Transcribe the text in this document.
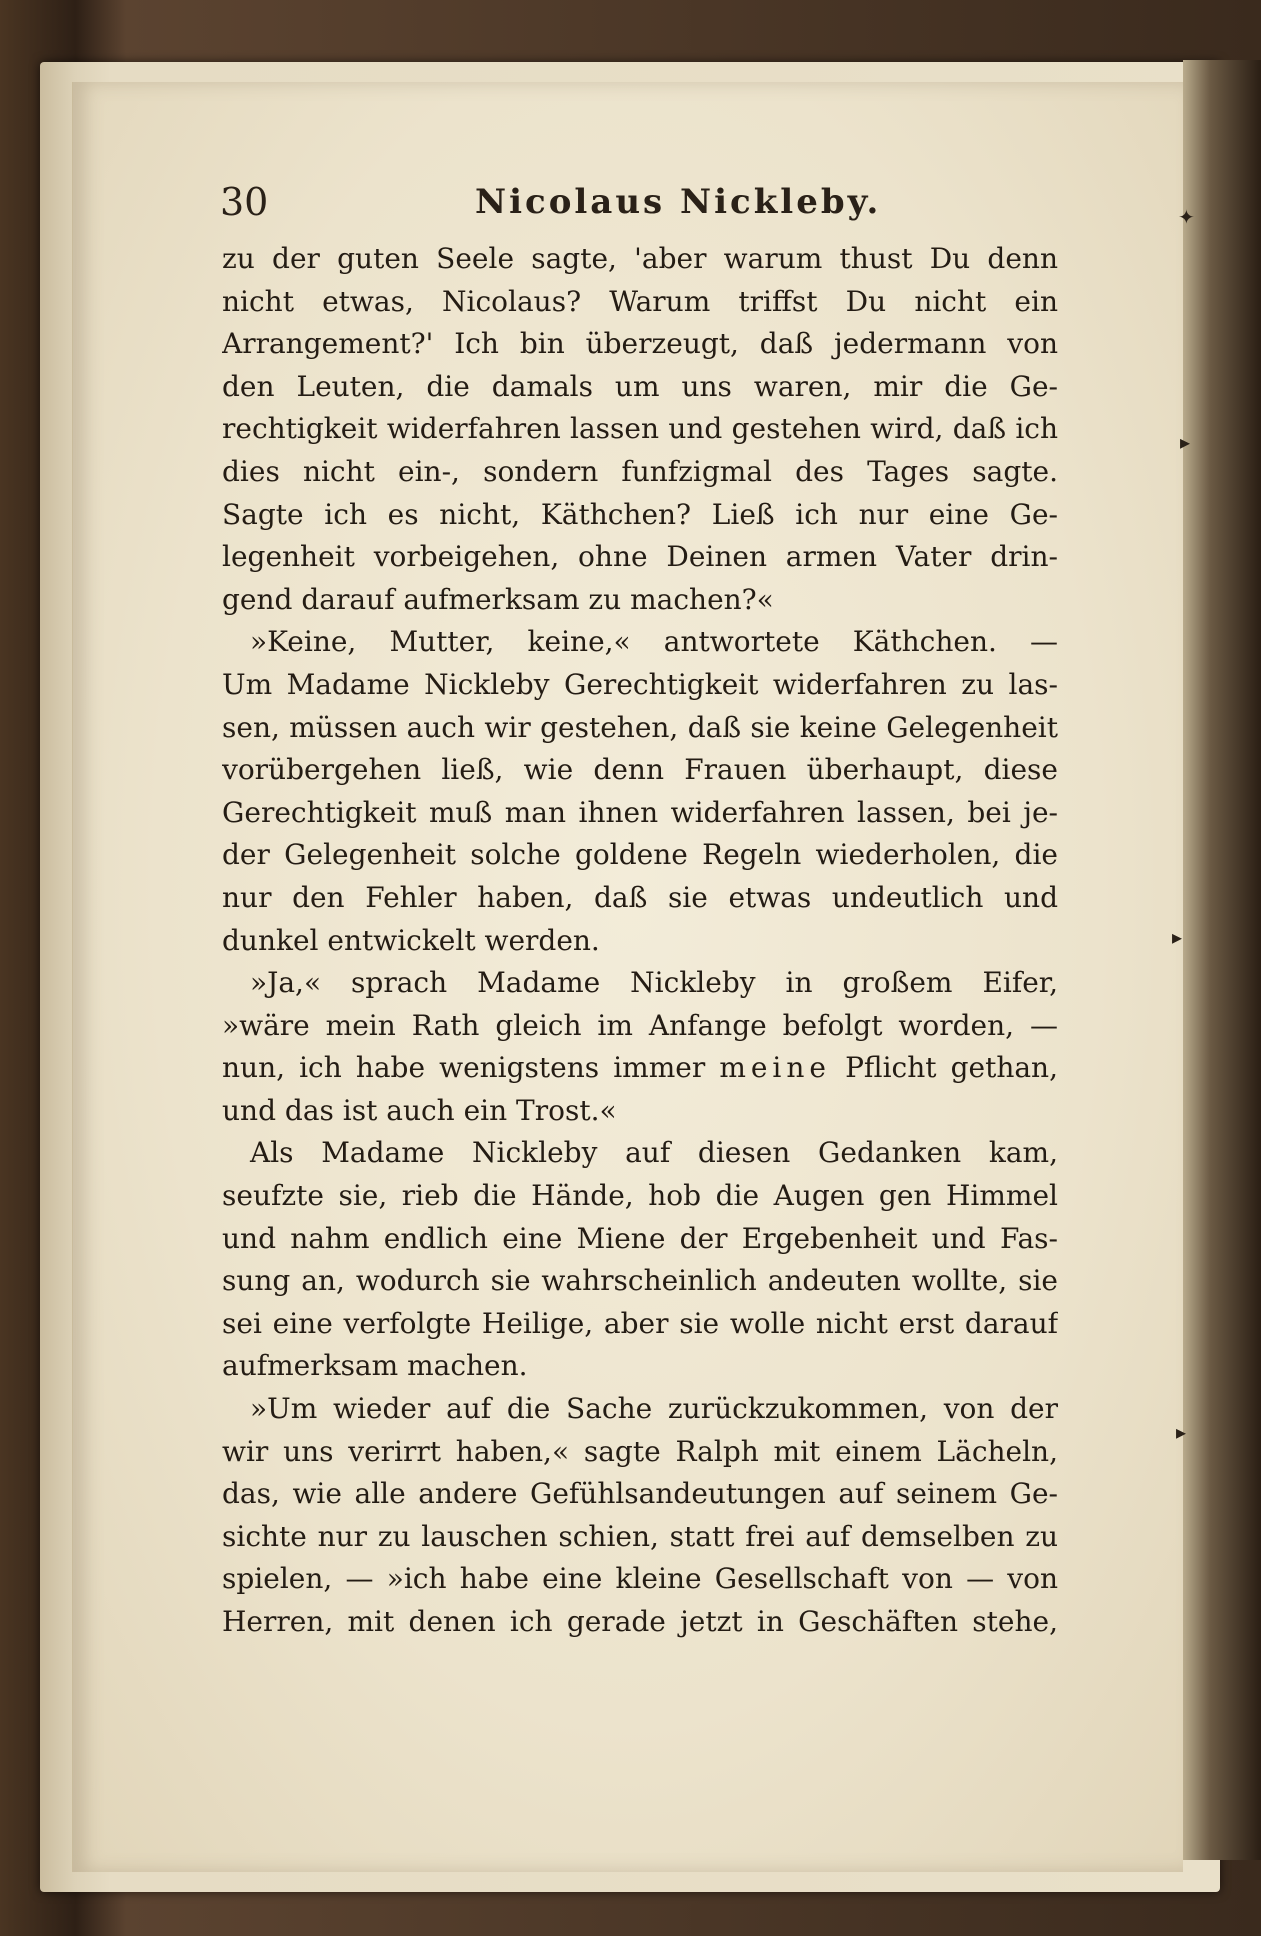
30	Nicolaus Nickleby.
zu der guten Seele sagte, 'aber warum thust Du denn
nicht etwas, Nicolaus? Warum triffst Du nicht ein
Arrangement?' Ich bin überzeugt, daß jedermann von
den Leuten, die damals um uns waren, mir die Ge-
rechtigkeit widerfahren lassen und gestehen wird, daß ich
dies nicht ein-, sondern funfzigmal des Tages sagte.
Sagte ich es nicht, Käthchen? Ließ ich nur eine Ge-
legenheit vorbeigehen, ohne Deinen armen Vater drin-
gend darauf aufmerksam zu machen?«
»Keine, Mutter, keine,« antwortete Käthchen. —
Um Madame Nickleby Gerechtigkeit widerfahren zu las-
sen, müssen auch wir gestehen, daß sie keine Gelegenheit
vorübergehen ließ, wie denn Frauen überhaupt, diese
Gerechtigkeit muß man ihnen widerfahren lassen, bei je-
der Gelegenheit solche goldene Regeln wiederholen, die
nur den Fehler haben, daß sie etwas undeutlich und
dunkel entwickelt werden.
»Ja,« sprach Madame Nickleby in großem Eifer,
»wäre mein Rath gleich im Anfange befolgt worden, —
nun, ich habe wenigstens immer meine Pflicht gethan,
und das ist auch ein Trost.«
Als Madame Nickleby auf diesen Gedanken kam,
seufzte sie, rieb die Hände, hob die Augen gen Himmel
und nahm endlich eine Miene der Ergebenheit und Fas-
sung an, wodurch sie wahrscheinlich andeuten wollte, sie
sei eine verfolgte Heilige, aber sie wolle nicht erst darauf
aufmerksam machen.
»Um wieder auf die Sache zurückzukommen, von der
wir uns verirrt haben,« sagte Ralph mit einem Lächeln,
das, wie alle andere Gefühlsandeutungen auf seinem Ge-
sichte nur zu lauschen schien, statt frei auf demselben zu
spielen, — »ich habe eine kleine Gesellschaft von — von
Herren, mit denen ich gerade jetzt in Geschäften stehe,
✦
▸
▸
▸
